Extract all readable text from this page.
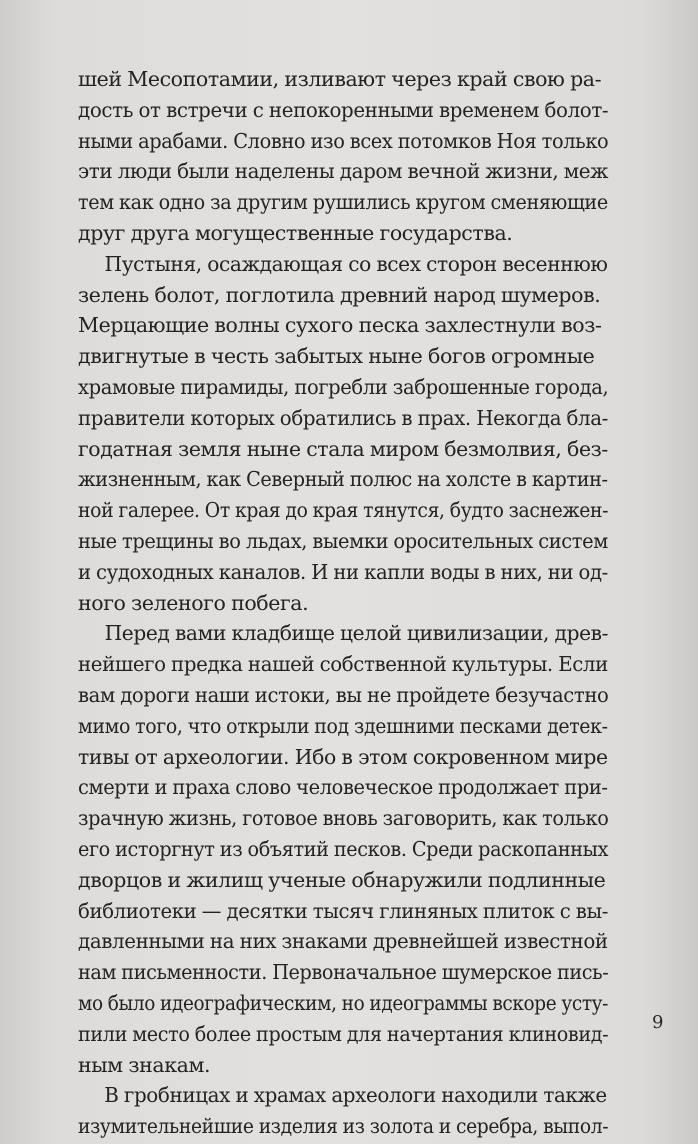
шей Месопотамии, изливают через край свою ра-
дость от встречи с непокоренными временем болот-
ными арабами. Словно изо всех потомков Ноя только
эти люди были наделены даром вечной жизни, меж
тем как одно за другим рушились кругом сменяющие
друг друга могущественные государства.
Пустыня, осаждающая со всех сторон весеннюю
зелень болот, поглотила древний народ шумеров.
Мерцающие волны сухого песка захлестнули воз-
двигнутые в честь забытых ныне богов огромные
храмовые пирамиды, погребли заброшенные города,
правители которых обратились в прах. Некогда бла-
годатная земля ныне стала миром безмолвия, без-
жизненным, как Северный полюс на холсте в картин-
ной галерее. От края до края тянутся, будто заснежен-
ные трещины во льдах, выемки оросительных систем
и судоходных каналов. И ни капли воды в них, ни од-
ного зеленого побега.
Перед вами кладбище целой цивилизации, древ-
нейшего предка нашей собственной культуры. Если
вам дороги наши истоки, вы не пройдете безучастно
мимо того, что открыли под здешними песками детек-
тивы от археологии. Ибо в этом сокровенном мире
смерти и праха слово человеческое продолжает при-
зрачную жизнь, готовое вновь заговорить, как только
его исторгнут из объятий песков. Среди раскопанных
дворцов и жилищ ученые обнаружили подлинные
библиотеки — десятки тысяч глиняных плиток с вы-
давленными на них знаками древнейшей известной
нам письменности. Первоначальное шумерское пись-
мо было идеографическим, но идеограммы вскоре усту-
пили место более простым для начертания клиновид-
ным знакам.
В гробницах и храмах археологи находили также
изумительнейшие изделия из золота и серебра, выпол-
9
